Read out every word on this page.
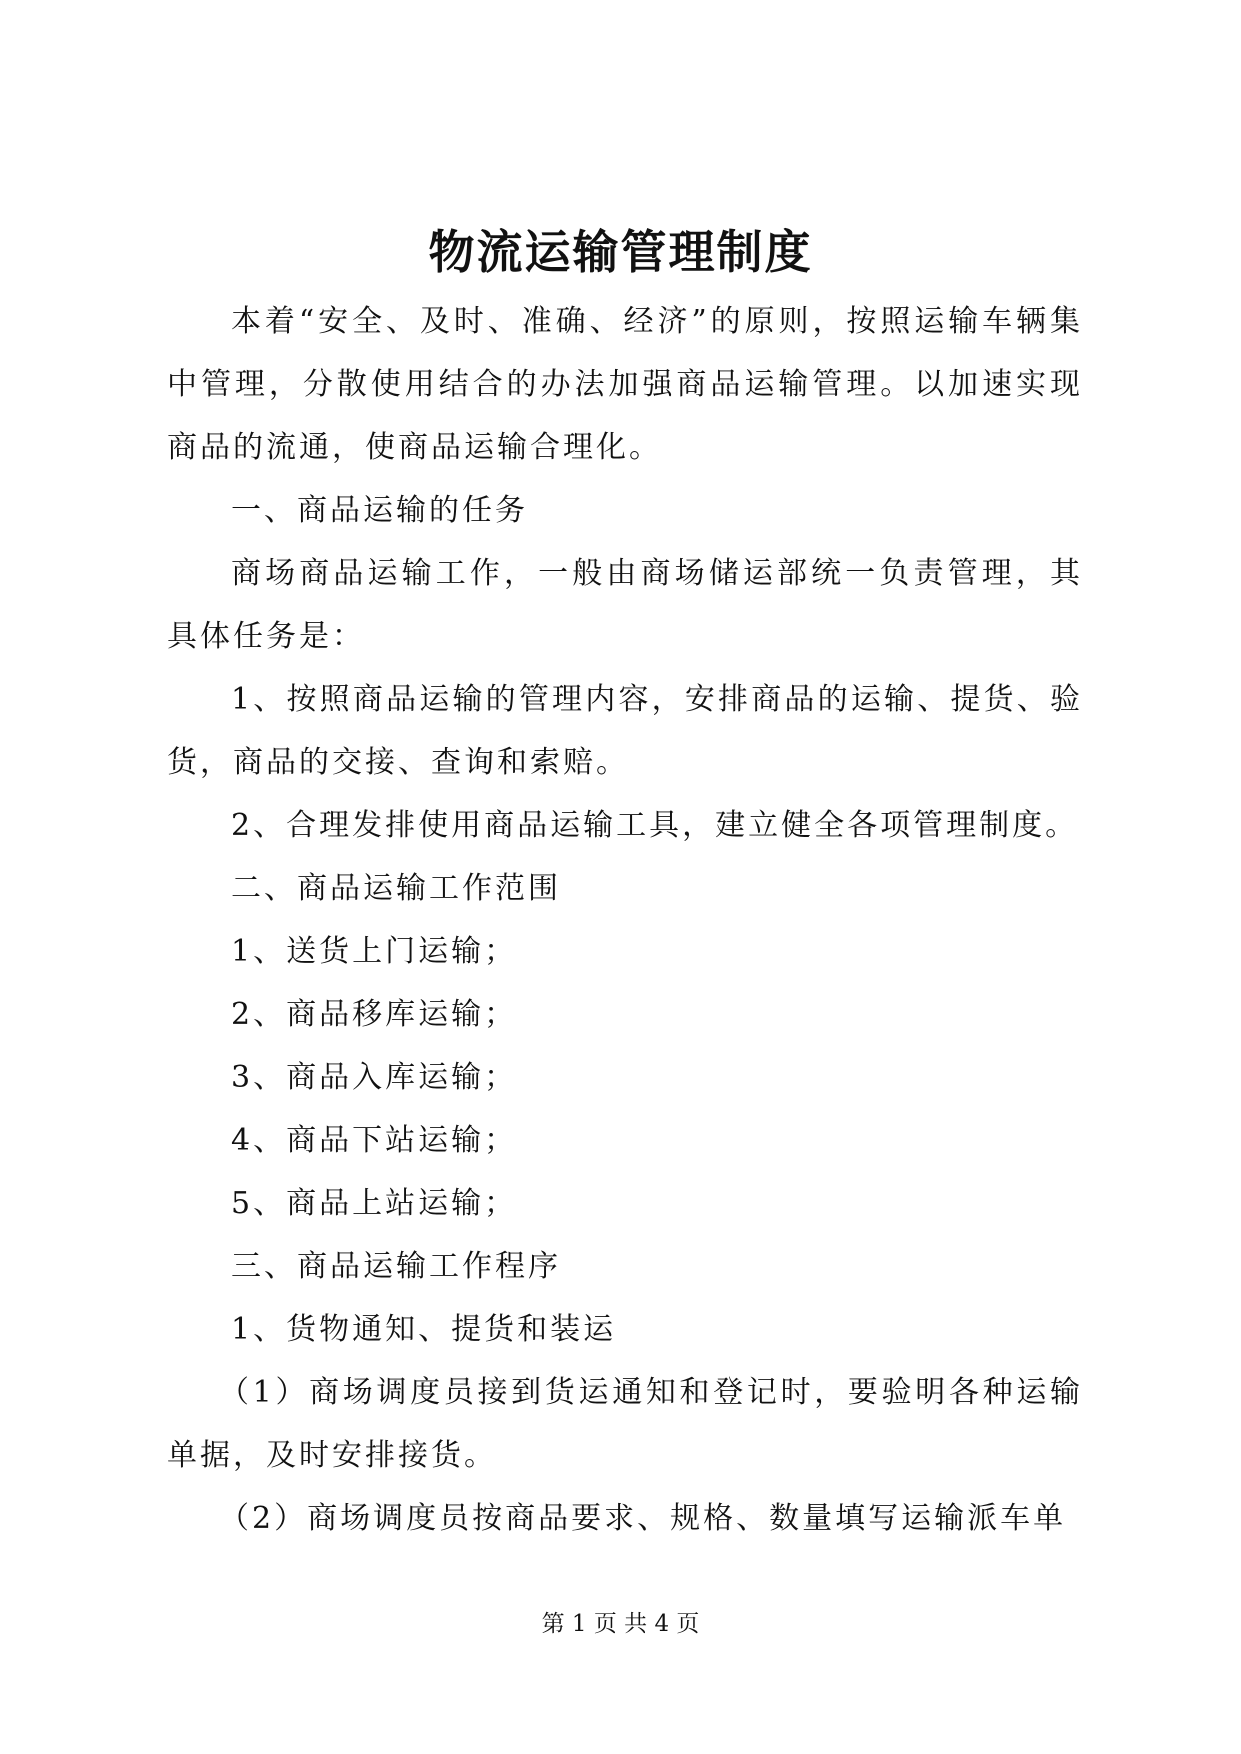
物流运输管理制度

本着“安全、及时、准确、经济”的原则，按照运输车辆集中管理，分散使用结合的办法加强商品运输管理。以加速实现商品的流通，使商品运输合理化。

一、商品运输的任务

商场商品运输工作，一般由商场储运部统一负责管理，其具体任务是：

1、按照商品运输的管理内容，安排商品的运输、提货、验货，商品的交接、查询和索赔。

2、合理发排使用商品运输工具，建立健全各项管理制度。

二、商品运输工作范围

1、送货上门运输；

2、商品移库运输；

3、商品入库运输；

4、商品下站运输；

5、商品上站运输；

三、商品运输工作程序

1、货物通知、提货和装运

（1）商场调度员接到货运通知和登记时，要验明各种运输单据，及时安排接货。

（2）商场调度员按商品要求、规格、数量填写运输派车单

第 1 页 共 4 页
